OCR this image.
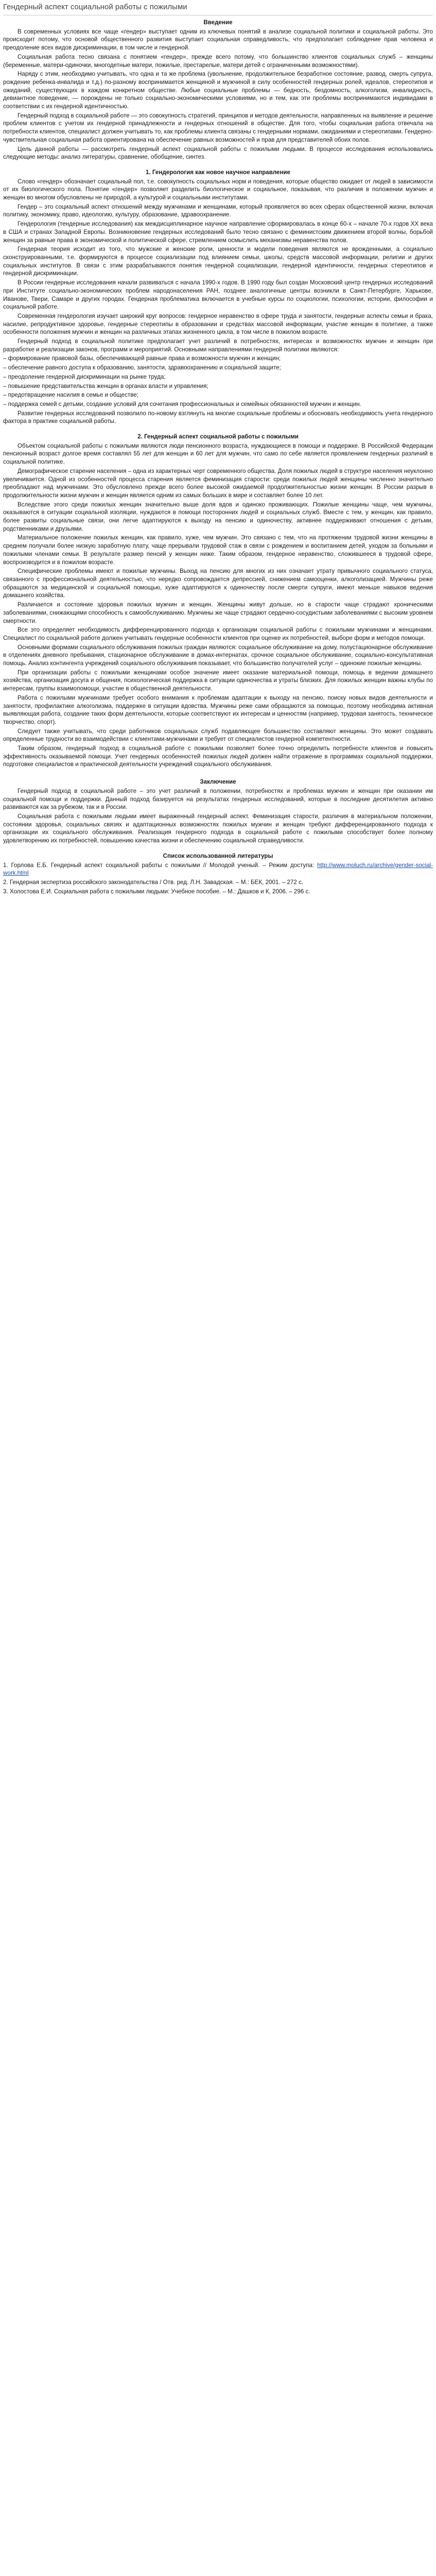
Гендерный аспект социальной работы с пожилыми
Введение

В современных условиях все чаще «гендер» выступает одним из ключевых понятий в анализе социальной политики и социальной работы. Это происходит потому, что основой общественного развития выступает социальная справедливость, что предполагает соблюдение прав человека и преодоление всех видов дискриминации, в том числе и гендерной.

Социальная работа тесно связана с понятием «гендер», прежде всего потому, что большинство клиентов социальных служб – женщины (беременные, матери-одиночки, многодетные матери, пожилые, престарелые, матери детей с ограниченными возможностями).

Наряду с этим, необходимо учитывать, что одна и та же проблема (увольнение, продолжительное безработное состояние, развод, смерть супруга, рождение ребенка-инвалида и т.д.) по-разному воспринимается женщиной и мужчиной в силу особенностей гендерных ролей, идеалов, стереотипов и ожиданий, существующих в каждом конкретном обществе. Любые социальные проблемы — бедность, бездомность, алкоголизм, инвалидность, девиантное поведение, — порождены не только социально-экономическими условиями, но и тем, как эти проблемы воспринимаются индивидами в соответствии с их гендерной идентичностью.

Гендерный подход в социальной работе — это совокупность стратегий, принципов и методов деятельности, направленных на выявление и решение проблем клиентов с учетом их гендерной принадлежности и гендерных отношений в обществе. Для того, чтобы социальная работа отвечала на потребности клиентов, специалист должен учитывать то, как проблемы клиента связаны с гендерными нормами, ожиданиями и стереотипами. Гендерно-чувствительная социальная работа ориентирована на обеспечение равных возможностей и прав для представителей обоих полов.

Цель данной работы — рассмотреть гендерный аспект социальной работы с пожилыми людьми. В процессе исследования использовались следующие методы: анализ литературы, сравнение, обобщение, синтез.

1. Гендерология как новое научное направление

Слово «гендер» обозначает социальный пол, т.е. совокупность социальных норм и поведения, которые общество ожидает от людей в зависимости от их биологического пола. Понятие «гендер» позволяет разделить биологическое и социальное, показывая, что различия в положении мужчин и женщин во многом обусловлены не природой, а культурой и социальными институтами.

Гендер – это социальный аспект отношений между мужчинами и женщинами, который проявляется во всех сферах общественной жизни, включая политику, экономику, право, идеологию, культуру, образование, здравоохранение.

Гендерология (тендерные исследования) как междисциплинарное научное направление сформировалась в конце 60-х – начале 70-х годов XX века в США и странах Западной Европы. Возникновение гендерных исследований было тесно связано с феминистским движением второй волны, борьбой женщин за равные права в экономической и политической сфере, стремлением осмыслить механизмы неравенства полов.

Гендерная теория исходит из того, что мужские и женские роли, ценности и модели поведения являются не врожденными, а социально сконструированными, т.е. формируются в процессе социализации под влиянием семьи, школы, средств массовой информации, религии и других социальных институтов. В связи с этим разрабатываются понятия гендерной социализации, гендерной идентичности, гендерных стереотипов и гендерной дискриминации.

В России гендерные исследования начали развиваться с начала 1990-х годов. В 1990 году был создан Московский центр гендерных исследований при Институте социально-экономических проблем народонаселения РАН, позднее аналогичные центры возникли в Санкт-Петербурге, Харькове, Иванове, Твери, Самаре и других городах. Гендерная проблематика включается в учебные курсы по социологии, психологии, истории, философии и социальной работе.

Современная гендерология изучает широкий круг вопросов: гендерное неравенство в сфере труда и занятости, гендерные аспекты семьи и брака, насилие, репродуктивное здоровье, гендерные стереотипы в образовании и средствах массовой информации, участие женщин в политике, а также особенности положения мужчин и женщин на различных этапах жизненного цикла, в том числе в пожилом возрасте.

Гендерный подход в социальной политике предполагает учет различий в потребностях, интересах и возможностях мужчин и женщин при разработке и реализации законов, программ и мероприятий. Основными направлениями гендерной политики являются:

– формирование правовой базы, обеспечивающей равные права и возможности мужчин и женщин;

– обеспечение равного доступа к образованию, занятости, здравоохранению и социальной защите;

– преодоление гендерной дискриминации на рынке труда;

– повышение представительства женщин в органах власти и управления;

– предотвращение насилия в семье и обществе;

– поддержка семей с детьми, создание условий для сочетания профессиональных и семейных обязанностей мужчин и женщин.

Развитие гендерных исследований позволило по-новому взглянуть на многие социальные проблемы и обосновать необходимость учета гендерного фактора в практике социальной работы.

2. Гендерный аспект социальной работы с пожилыми

Объектом социальной работы с пожилыми являются люди пенсионного возраста, нуждающиеся в помощи и поддержке. В Российской Федерации пенсионный возраст долгое время составлял 55 лет для женщин и 60 лет для мужчин, что само по себе является проявлением гендерных различий в социальной политике.

Демографическое старение населения – одна из характерных черт современного общества. Доля пожилых людей в структуре населения неуклонно увеличивается. Одной из особенностей процесса старения является феминизация старости: среди пожилых людей женщины численно значительно преобладают над мужчинами. Это обусловлено прежде всего более высокой ожидаемой продолжительностью жизни женщин. В России разрыв в продолжительности жизни мужчин и женщин является одним из самых больших в мире и составляет более 10 лет.

Вследствие этого среди пожилых женщин значительно выше доля вдов и одиноко проживающих. Пожилые женщины чаще, чем мужчины, оказываются в ситуации социальной изоляции, нуждаются в помощи посторонних людей и социальных служб. Вместе с тем, у женщин, как правило, более развиты социальные связи, они легче адаптируются к выходу на пенсию и одиночеству, активнее поддерживают отношения с детьми, родственниками и друзьями.

Материальное положение пожилых женщин, как правило, хуже, чем мужчин. Это связано с тем, что на протяжении трудовой жизни женщины в среднем получали более низкую заработную плату, чаще прерывали трудовой стаж в связи с рождением и воспитанием детей, уходом за больными и пожилыми членами семьи. В результате размер пенсий у женщин ниже. Таким образом, гендерное неравенство, сложившееся в трудовой сфере, воспроизводится и в пожилом возрасте.

Специфические проблемы имеют и пожилые мужчины. Выход на пенсию для многих из них означает утрату привычного социального статуса, связанного с профессиональной деятельностью, что нередко сопровождается депрессией, снижением самооценки, алкоголизацией. Мужчины реже обращаются за медицинской и социальной помощью, хуже адаптируются к одиночеству после смерти супруги, имеют меньше навыков ведения домашнего хозяйства.

Различается и состояние здоровья пожилых мужчин и женщин. Женщины живут дольше, но в старости чаще страдают хроническими заболеваниями, снижающими способность к самообслуживанию. Мужчины же чаще страдают сердечно-сосудистыми заболеваниями с высоким уровнем смертности.

Все это определяет необходимость дифференцированного подхода к организации социальной работы с пожилыми мужчинами и женщинами. Специалист по социальной работе должен учитывать гендерные особенности клиентов при оценке их потребностей, выборе форм и методов помощи.

Основными формами социального обслуживания пожилых граждан являются: социальное обслуживание на дому, полустационарное обслуживание в отделениях дневного пребывания, стационарное обслуживание в домах-интернатах, срочное социальное обслуживание, социально-консультативная помощь. Анализ контингента учреждений социального обслуживания показывает, что большинство получателей услуг – одинокие пожилые женщины.

При организации работы с пожилыми женщинами особое значение имеет оказание материальной помощи, помощь в ведении домашнего хозяйства, организация досуга и общения, психологическая поддержка в ситуации одиночества и утраты близких. Для пожилых женщин важны клубы по интересам, группы взаимопомощи, участие в общественной деятельности.

Работа с пожилыми мужчинами требует особого внимания к проблемам адаптации к выходу на пенсию, поиску новых видов деятельности и занятости, профилактике алкоголизма, поддержке в ситуации вдовства. Мужчины реже сами обращаются за помощью, поэтому необходима активная выявляющая работа, создание таких форм деятельности, которые соответствуют их интересам и ценностям (например, трудовая занятость, техническое творчество, спорт).

Следует также учитывать, что среди работников социальных служб подавляющее большинство составляют женщины. Это может создавать определенные трудности во взаимодействии с клиентами-мужчинами и требует от специалистов гендерной компетентности.

Таким образом, гендерный подход в социальной работе с пожилыми позволяет более точно определить потребности клиентов и повысить эффективность оказываемой помощи. Учет гендерных особенностей пожилых людей должен найти отражение в программах социальной поддержки, подготовке специалистов и практической деятельности учреждений социального обслуживания.

Заключение

Гендерный подход в социальной работе – это учет различий в положении, потребностях и проблемах мужчин и женщин при оказании им социальной помощи и поддержки. Данный подход базируется на результатах гендерных исследований, которые в последние десятилетия активно развиваются как за рубежом, так и в России.

Социальная работа с пожилыми людьми имеет выраженный гендерный аспект. Феминизация старости, различия в материальном положении, состоянии здоровья, социальных связях и адаптационных возможностях пожилых мужчин и женщин требуют дифференцированного подхода к организации их социального обслуживания. Реализация гендерного подхода в социальной работе с пожилыми способствует более полному удовлетворению их потребностей, повышению качества жизни и обеспечению социальной справедливости.

Список использованной литературы
1. Горлова Е.Б. Гендерный аспект социальной работы с пожилыми // Молодой ученый. – Режим доступа: http://www.moluch.ru/archive/gender-social-work.html
2. Гендерная экспертиза российского законодательства / Отв. ред. Л.Н. Завадская. – М.: БЕК, 2001. – 272 с.
3. Холостова Е.И. Социальная работа с пожилыми людьми: Учебное пособие. – М.: Дашков и К, 2006. – 296 с.
